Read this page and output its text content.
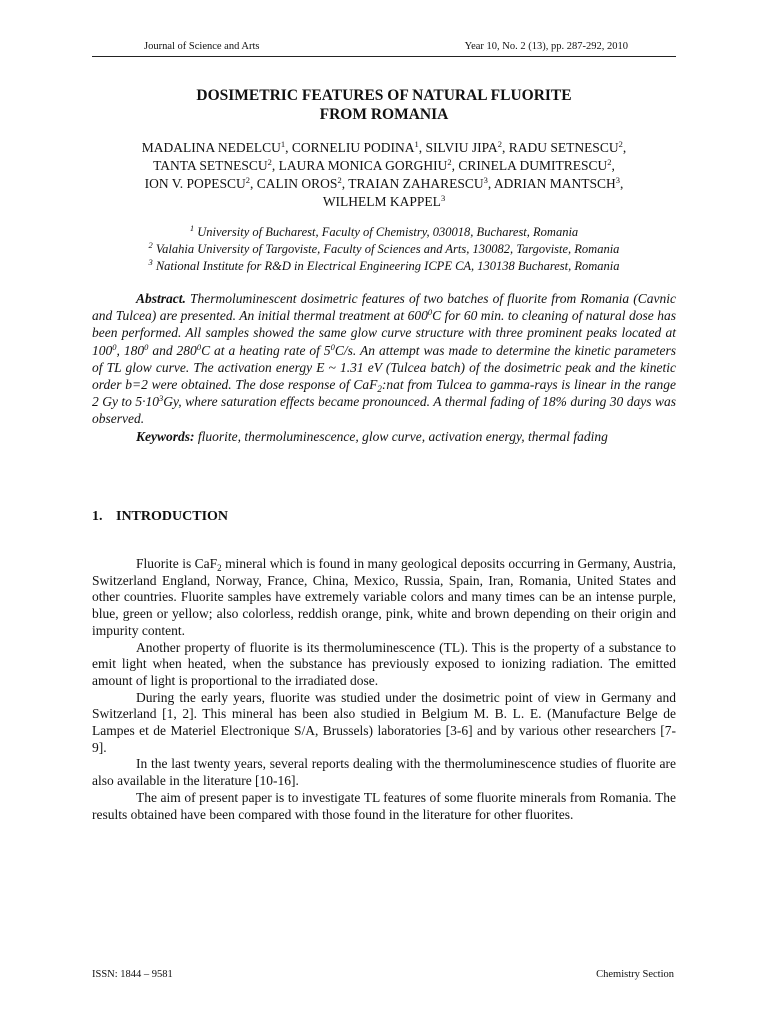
Journal of Science and Arts	Year 10, No. 2 (13), pp. 287-292, 2010
DOSIMETRIC FEATURES OF NATURAL FLUORITE
FROM ROMANIA
MADALINA NEDELCU$^1$, CORNELIU PODINA$^1$, SILVIU JIPA$^2$, RADU SETNESCU$^2$,
TANTA SETNESCU$^2$, LAURA MONICA GORGHIU$^2$, CRINELA DUMITRESCU$^2$,
ION V. POPESCU$^2$, CALIN OROS$^2$, TRAIAN ZAHARESCU$^3$, ADRIAN MANTSCH$^3$,
WILHELM KAPPEL$^3$
$^1$ University of Bucharest, Faculty of Chemistry, 030018, Bucharest, Romania
$^2$ Valahia University of Targoviste, Faculty of Sciences and Arts, 130082, Targoviste, Romania
$^3$ National Institute for R&D in Electrical Engineering ICPE CA, 130138 Bucharest, Romania

Abstract. Thermoluminescent dosimetric features of two batches of fluorite from Romania (Cavnic and Tulcea) are presented. An initial thermal treatment at $600^0C$ for 60 min. to cleaning of natural dose has been performed. All samples showed the same glow curve structure with three prominent peaks located at $100^0$, $180^0$ and $280^0C$ at a heating rate of $5^0C/s$. An attempt was made to determine the kinetic parameters of TL glow curve. The activation energy E ~ 1.31 eV (Tulcea batch) of the dosimetric peak and the kinetic order b=2 were obtained. The dose response of CaF$_2$:nat from Tulcea to gamma-rays is linear in the range 2 Gy to $5\cdot 10^3Gy$, where saturation effects became pronounced. A thermal fading of 18% during 30 days was observed.

Keywords: fluorite, thermoluminescence, glow curve, activation energy, thermal fading

1. INTRODUCTION

Fluorite is CaF$_2$ mineral which is found in many geological deposits occurring in Germany, Austria, Switzerland England, Norway, France, China, Mexico, Russia, Spain, Iran, Romania, United States and other countries. Fluorite samples have extremely variable colors and many times can be an intense purple, blue, green or yellow; also colorless, reddish orange, pink, white and brown depending on their origin and impurity content.

Another property of fluorite is its thermoluminescence (TL). This is the property of a substance to emit light when heated, when the substance has previously exposed to ionizing radiation. The emitted amount of light is proportional to the irradiated dose.

During the early years, fluorite was studied under the dosimetric point of view in Germany and Switzerland [1, 2]. This mineral has been also studied in Belgium M. B. L. E. (Manufacture Belge de Lampes et de Materiel Electronique S/A, Brussels) laboratories [3-6] and by various other researchers [7-9].

In the last twenty years, several reports dealing with the thermoluminescence studies of fluorite are also available in the literature [10-16].

The aim of present paper is to investigate TL features of some fluorite minerals from Romania. The results obtained have been compared with those found in the literature for other fluorites.

ISSN: 1844 – 9581	Chemistry Section
